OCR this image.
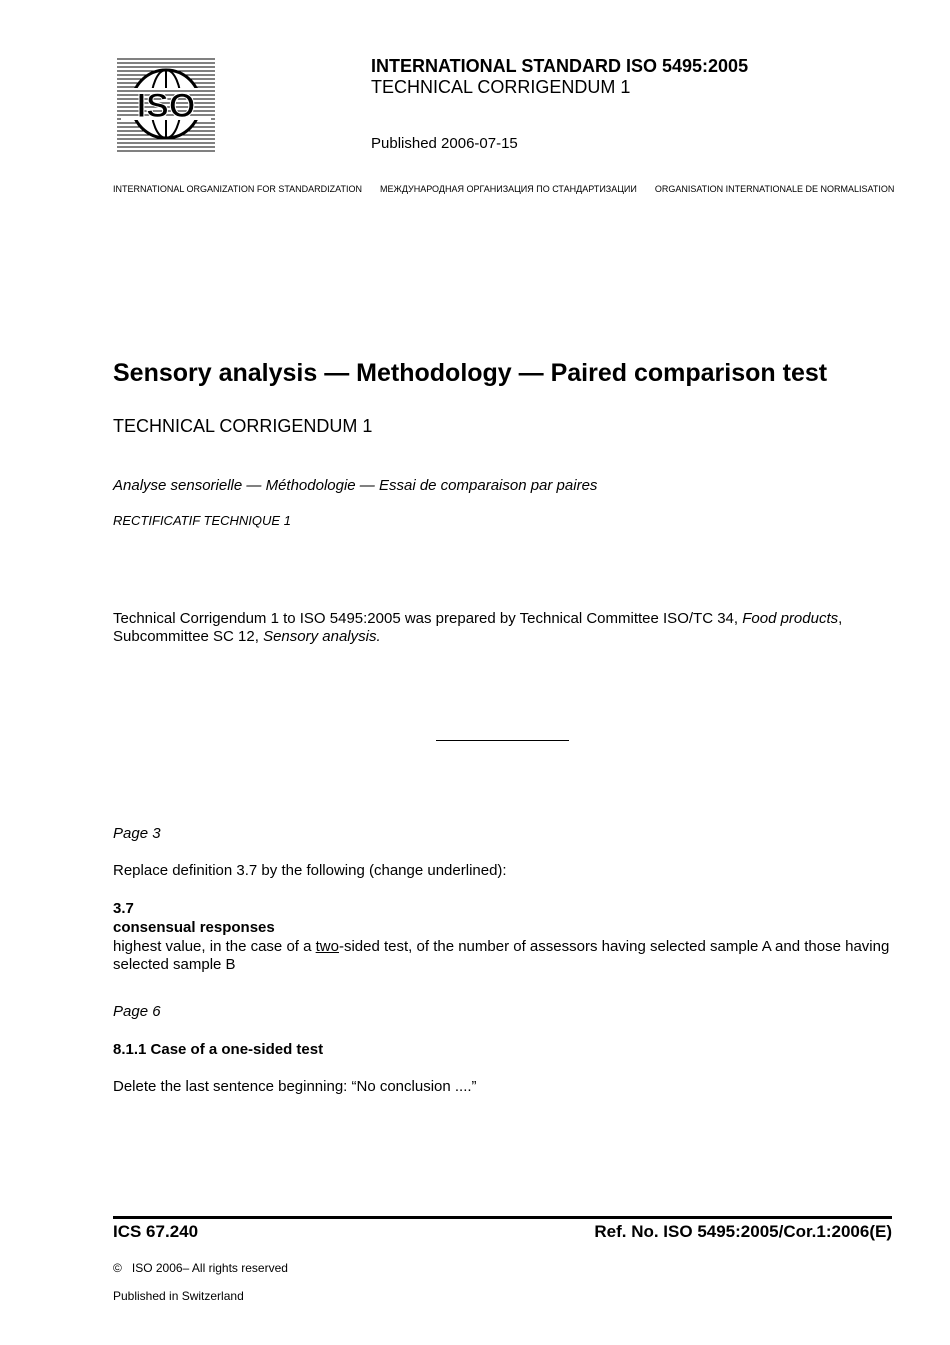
ISO
INTERNATIONAL STANDARD ISO 5495:2005
TECHNICAL CORRIGENDUM 1
Published 2006-07-15
INTERNATIONAL ORGANIZATION FOR STANDARDIZATION МЕЖДУНАРОДНАЯ ОРГАНИЗАЦИЯ ПО СТАНДАРТИЗАЦИИ ORGANISATION INTERNATIONALE DE NORMALISATION
Sensory analysis — Methodology — Paired comparison test
TECHNICAL CORRIGENDUM 1
Analyse sensorielle — Méthodologie — Essai de comparaison par paires
RECTIFICATIF TECHNIQUE 1
Technical Corrigendum 1 to ISO 5495:2005 was prepared by Technical Committee ISO/TC 34, Food products, Subcommittee SC 12, Sensory analysis.
Page 3
Replace definition 3.7 by the following (change underlined):
3.7
consensual responses
highest value, in the case of a two-sided test, of the number of assessors having selected sample A and those having selected sample B
Page 6
8.1.1 Case of a one-sided test
Delete the last sentence beginning: “No conclusion ....”
ICS 67.240	Ref. No. ISO 5495:2005/Cor.1:2006(E)
© ISO 2006– All rights reserved
Published in Switzerland
